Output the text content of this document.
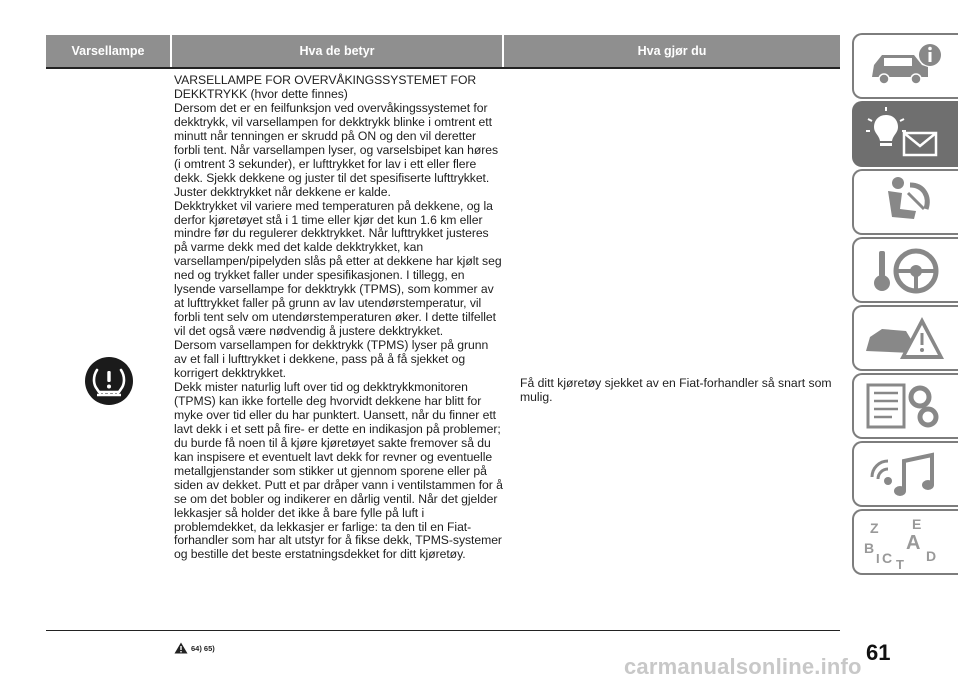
Varsellampe	Hva de betyr	Hva gjør du

VARSELLAMPE FOR OVERVÅKINGSSYSTEMET FOR DEKKTRYKK (hvor dette finnes)

Dersom det er en feilfunksjon ved overvåkingssystemet for dekktrykk, vil varsellampen for dekktrykk blinke i omtrent ett minutt når tenningen er skrudd på ON og den vil deretter forbli tent. Når varsellampen lyser, og varselsbipet kan høres (i omtrent 3 sekunder), er lufttrykket for lav i ett eller flere dekk. Sjekk dekkene og juster til det spesifiserte lufttrykket. Juster dekktrykket når dekkene er kalde.

Dekktrykket vil variere med temperaturen på dekkene, og la derfor kjøretøyet stå i 1 time eller kjør det kun 1.6 km eller mindre før du regulerer dekktrykket. Når lufttrykket justeres på varme dekk med det kalde dekktrykket, kan varsellampen/pipelyden slås på etter at dekkene har kjølt seg ned og trykket faller under spesifikasjonen. I tillegg, en lysende varsellampe for dekktrykk (TPMS), som kommer av at lufttrykket faller på grunn av lav utendørstemperatur, vil forbli tent selv om utendørstemperaturen øker. I dette tilfellet vil det også være nødvendig å justere dekktrykket.

Dersom varsellampen for dekktrykk (TPMS) lyser på grunn av et fall i lufttrykket i dekkene, pass på å få sjekket og korrigert dekktrykket.

Dekk mister naturlig luft over tid og dekktrykkmonitoren (TPMS) kan ikke fortelle deg hvorvidt dekkene har blitt for myke over tid eller du har punktert. Uansett, når du finner ett lavt dekk i et sett på fire- er dette en indikasjon på problemer; du burde få noen til å kjøre kjøretøyet sakte fremover så du kan inspisere et eventuelt lavt dekk for revner og eventuelle metallgjenstander som stikker ut gjennom sporene eller på siden av dekket. Putt et par dråper vann i ventilstammen for å se om det bobler og indikerer en dårlig ventil. Når det gjelder lekkasjer så holder det ikke å bare fylle på luft i problemdekket, da lekkasjer er farlige: ta den til en Fiat-forhandler som har alt utstyr for å fikse dekk, TPMS-systemer og bestille det beste erstatningsdekket for ditt kjøretøy.

64) 65)
Få ditt kjøretøy sjekket av en Fiat-forhandler så snart som mulig.
Z E
B A
C D
T
I
61
carmanualsonline.info
